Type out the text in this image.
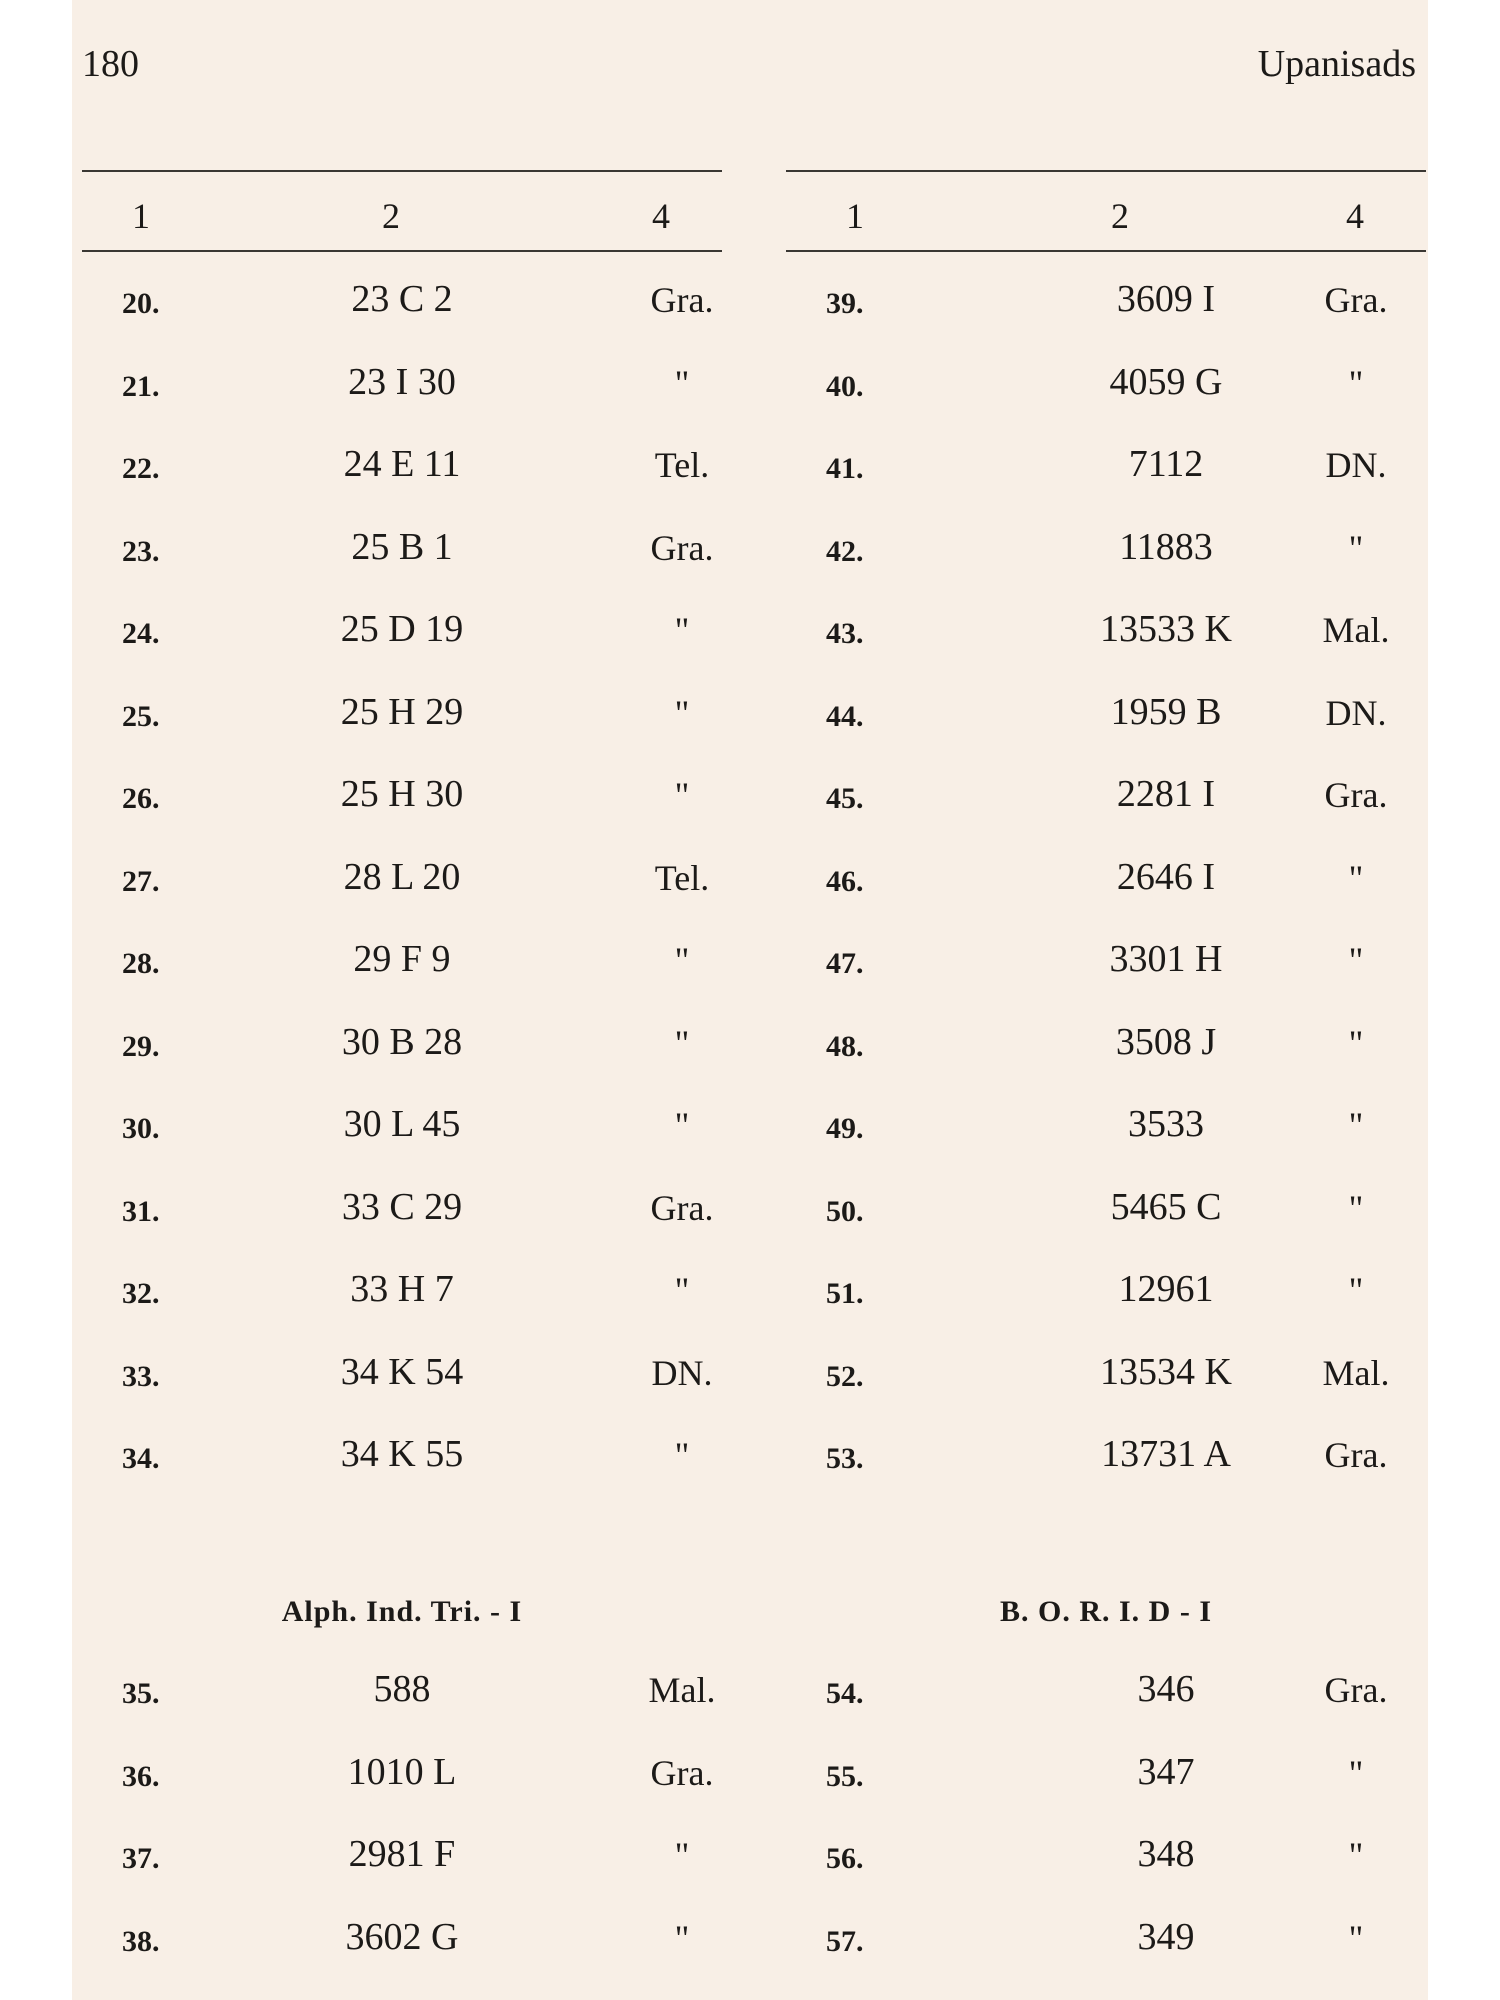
180	Upanisads
1	2	4
20.	23 C 2	Gra.
21.	23 I 30	"
22.	24 E 11	Tel.
23.	25 B 1	Gra.
24.	25 D 19	"
25.	25 H 29	"
26.	25 H 30	"
27.	28 L 20	Tel.
28.	29 F 9	"
29.	30 B 28	"
30.	30 L 45	"
31.	33 C 29	Gra.
32.	33 H 7	"
33.	34 K 54	DN.
34.	34 K 55	"
Alph. Ind. Tri. - I
35.	588	Mal.
36.	1010 L	Gra.
37.	2981 F	"
38.	3602 G	"
1	2	4
39.	3609 I	Gra.
40.	4059 G	"
41.	7112	DN.
42.	11883	"
43.	13533 K	Mal.
44.	1959 B	DN.
45.	2281 I	Gra.
46.	2646 I	"
47.	3301 H	"
48.	3508 J	"
49.	3533	"
50.	5465 C	"
51.	12961	"
52.	13534 K	Mal.
53.	13731 A	Gra.
B. O. R. I. D - I
54.	346	Gra.
55.	347	"
56.	348	"
57.	349	"
